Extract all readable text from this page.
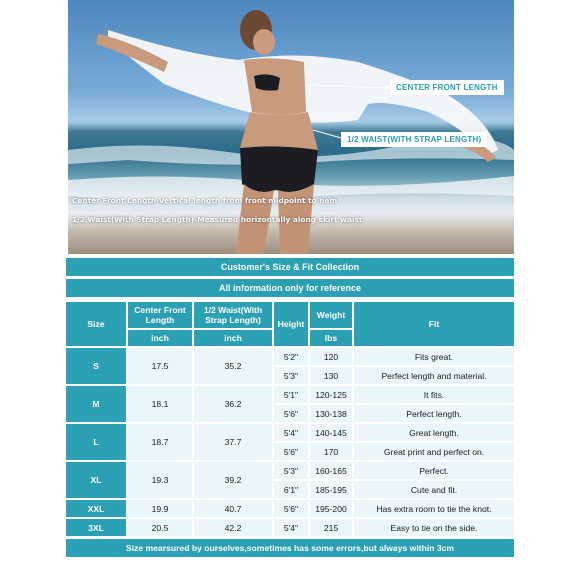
CENTER FRONT LENGTH
1/2 WAIST(WITH STRAP LENGTH)
Center Front Length-Vertical length from front midpoint to hem
1/2 Waist(With Strap Length)-Measured horizontally along skirt waist
Customer's Size & Fit Collection
All information only for reference
Size	Center Front Length	1/2 Waist(With Strap Length)	Height	Weight	Fit
	inch	inch		lbs	
S	17.5	35.2	5'2"	120	Fits great.
			5'3"	130	Perfect length and material.
M	18.1	36.2	5'1"	120-125	It fits.
			5'6"	130-138	Perfect length.
L	18.7	37.7	5'4"	140-145	Great length.
			5'6"	170	Great print and perfect on.
XL	19.3	39.2	5'3"	160-165	Perfect.
			6'1"	185-195	Cute and fit.
XXL	19.9	40.7	5'6"	195-200	Has extra room to tie the knot.
3XL	20.5	42.2	5'4"	215	Easy to tie on the side.
Size mearsured by ourselves,sometimes has some errors,but always within 3cm
